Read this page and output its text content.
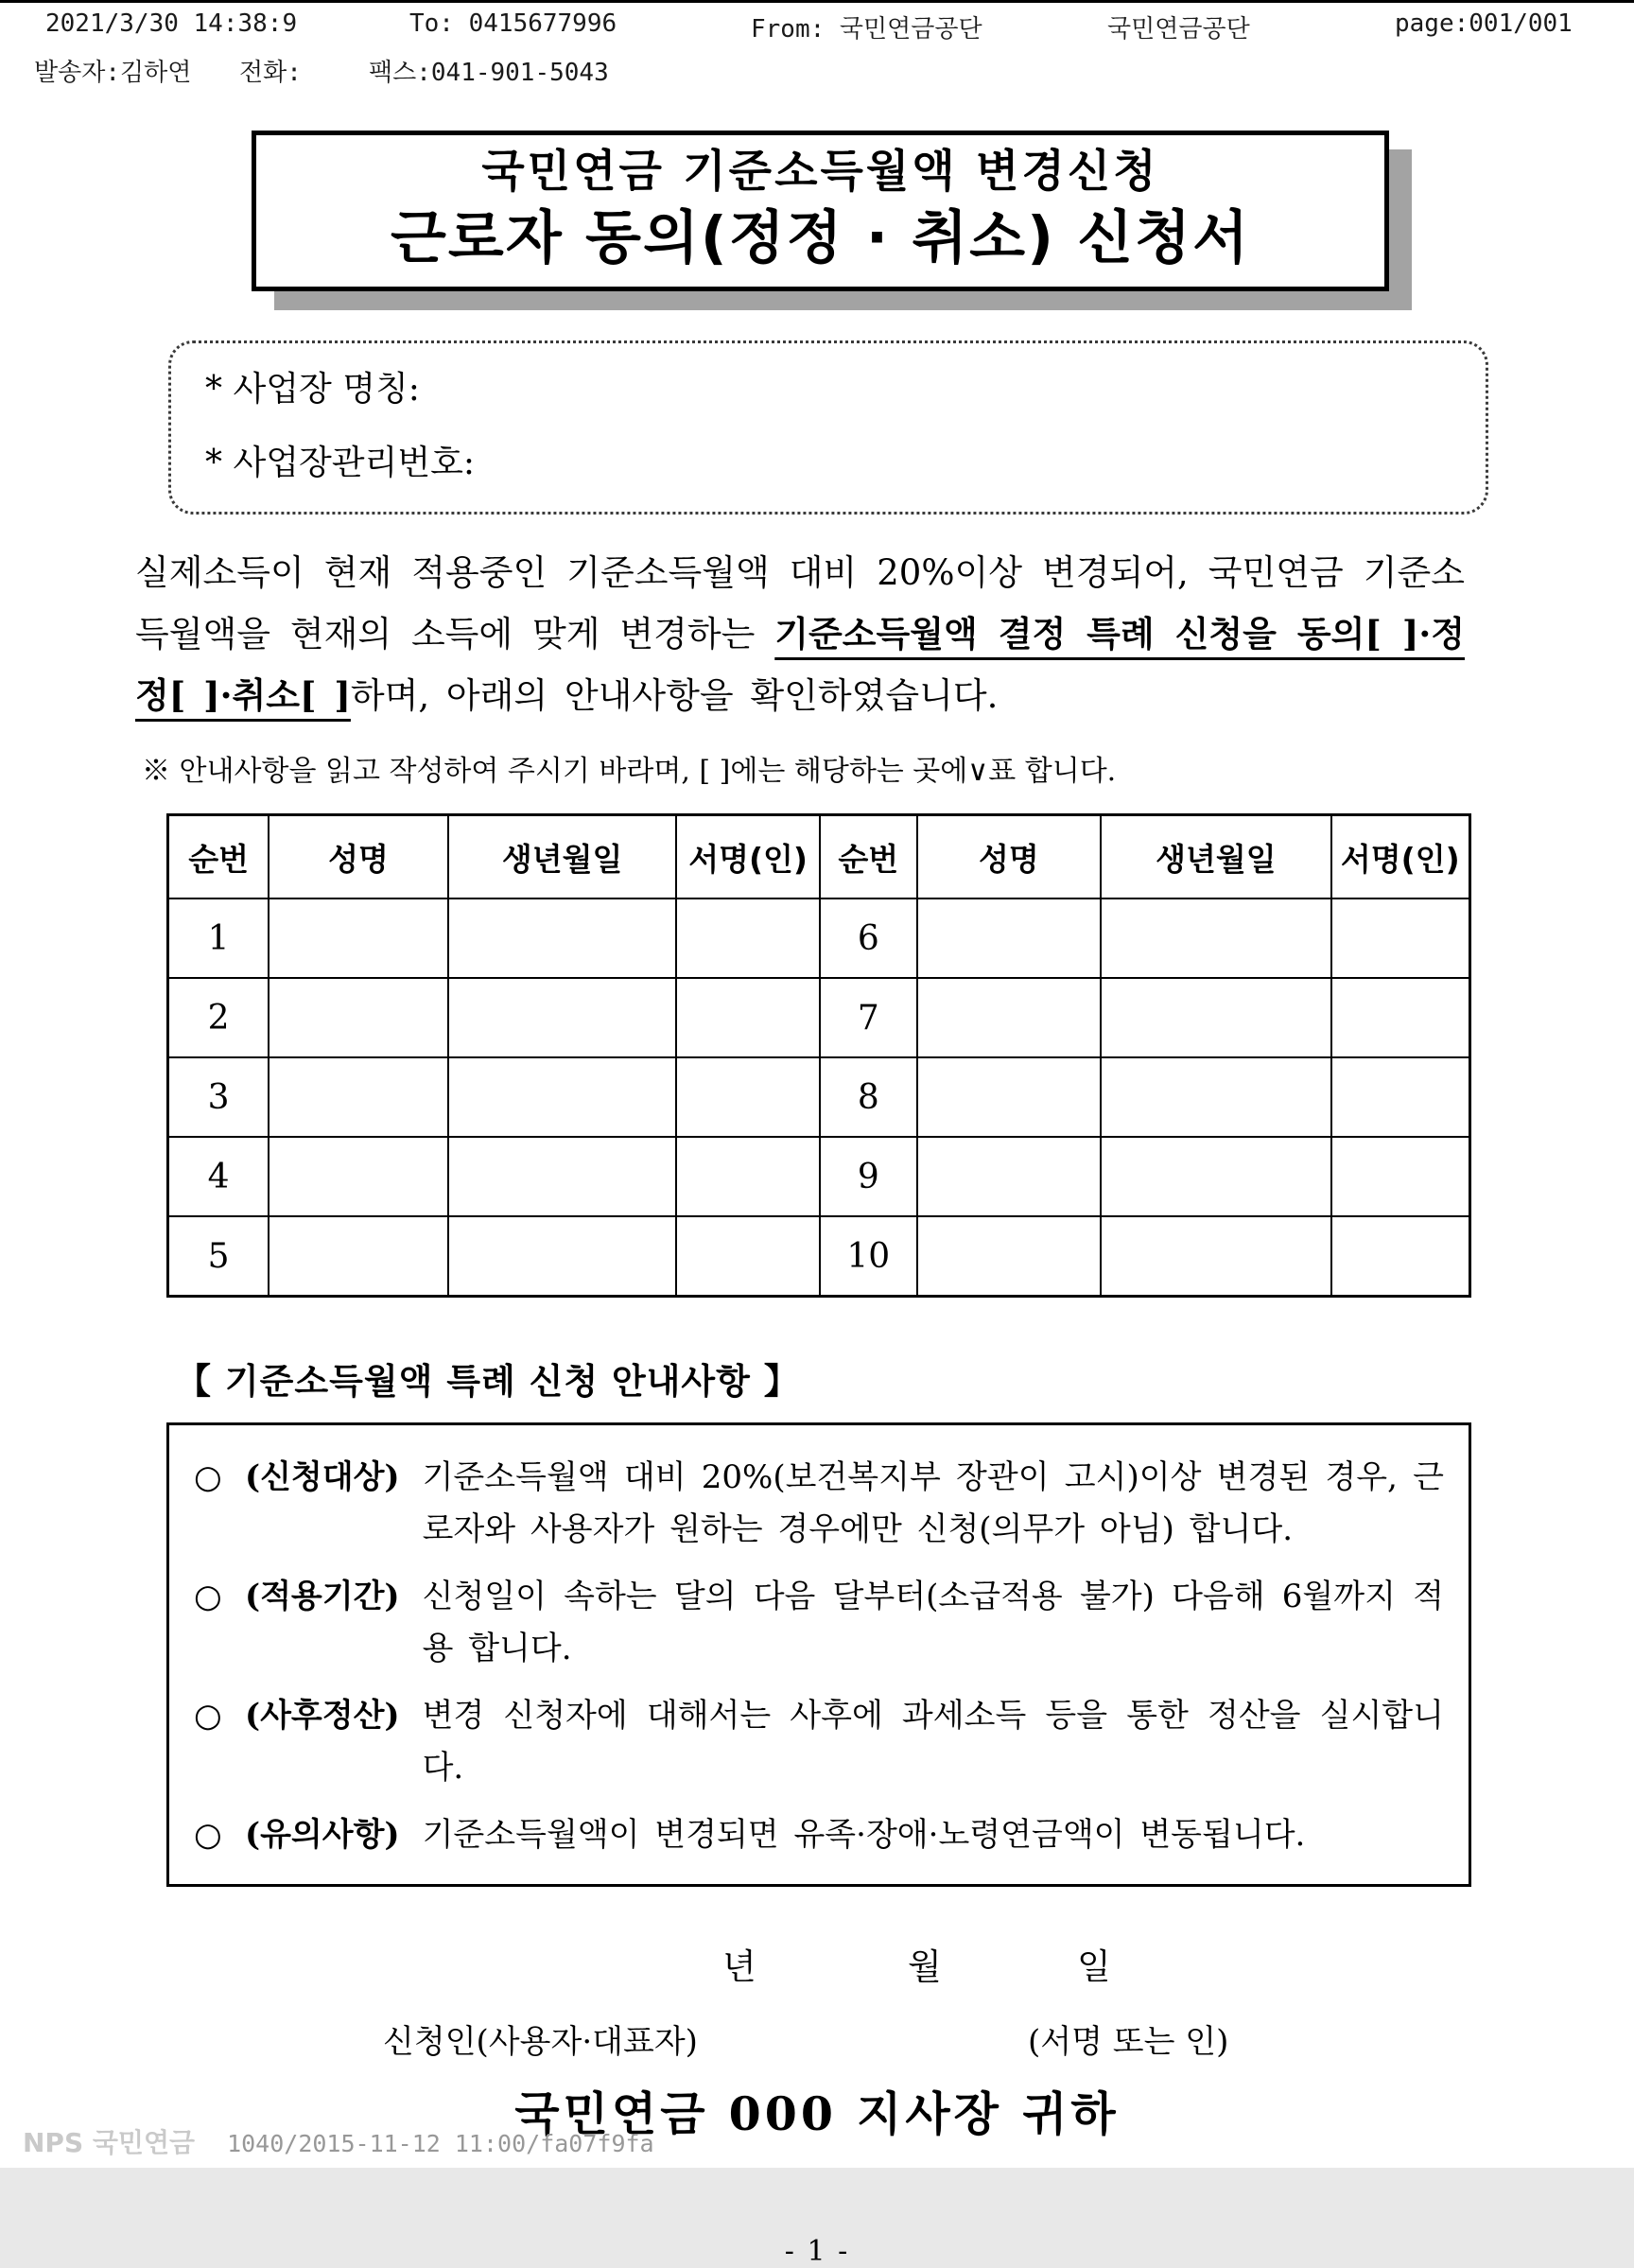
2021/3/30 14:38:9	To: 0415677996	From: 국민연금공단	국민연금공단	page:001/001
발송자:김하연 전화:	팩스:041-901-5043
국민연금 기준소득월액 변경신청
근로자 동의(정정 · 취소) 신청서
* 사업장 명칭:
* 사업장관리번호:

실제소득이 현재 적용중인 기준소득월액 대비 20%이상 변경되어, 국민연금 기준소득월액을 현재의 소득에 맞게 변경하는 기준소득월액 결정 특례 신청을 동의[ ]·정정[ ]·취소[ ]하며, 아래의 안내사항을 확인하였습니다.

※ 안내사항을 읽고 작성하여 주시기 바라며, [ ]에는 해당하는 곳에∨표 합니다.

순번	성명	생년월일	서명(인)	순번	성명	생년월일	서명(인)
1				6			
2				7			
3				8			
4				9			
5				10			
【 기준소득월액 특례 신청 안내사항 】
○ (신청대상) 기준소득월액 대비 20%(보건복지부 장관이 고시)이상 변경된 경우, 근로자와 사용자가 원하는 경우에만 신청(의무가 아님) 합니다.
○ (적용기간) 신청일이 속하는 달의 다음 달부터(소급적용 불가) 다음해 6월까지 적용 합니다.
○ (사후정산) 변경 신청자에 대해서는 사후에 과세소득 등을 통한 정산을 실시합니다.
○ (유의사항) 기준소득월액이 변경되면 유족·장애·노령연금액이 변동됩니다.
년	월	일
신청인(사용자·대표자)	(서명 또는 인)
국민연금 000 지사장 귀하
- 1 -
NPS 국민연금 1040/2015-11-12 11:00/fa07f9fa
